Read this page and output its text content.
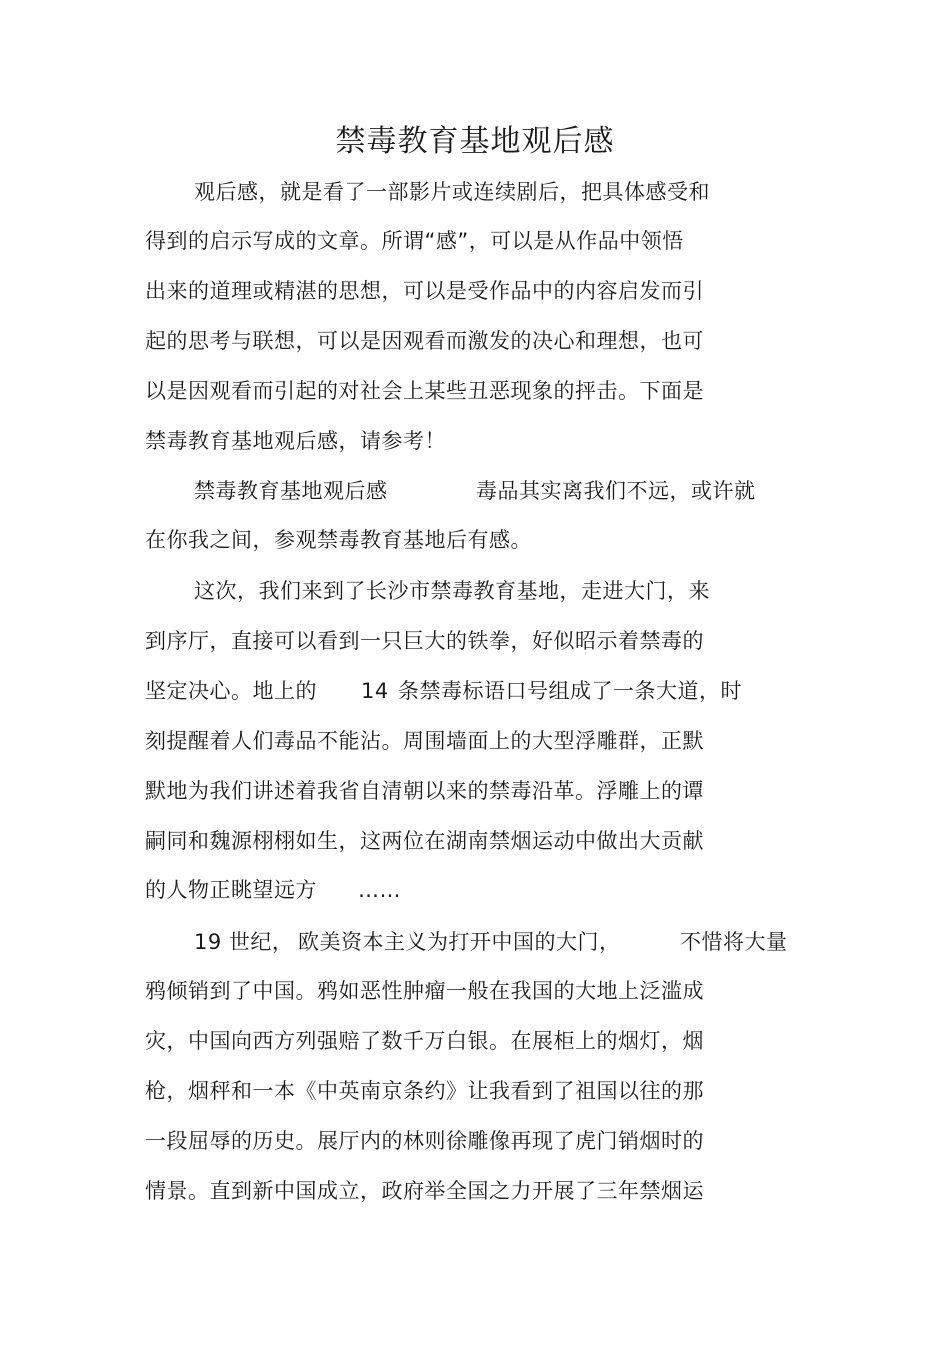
禁毒教育基地观后感
观后感，就是看了一部影片或连续剧后，把具体感受和
得到的启示写成的文章。所谓“感”，可以是从作品中领悟
出来的道理或精湛的思想，可以是受作品中的内容启发而引
起的思考与联想，可以是因观看而激发的决心和理想，也可
以是因观看而引起的对社会上某些丑恶现象的抨击。下面是
禁毒教育基地观后感，请参考！
禁毒教育基地观后感	毒品其实离我们不远，或许就
在你我之间，参观禁毒教育基地后有感。
这次，我们来到了长沙市禁毒教育基地，走进大门，来
到序厅，直接可以看到一只巨大的铁拳，好似昭示着禁毒的
坚定决心。地上的 14 条禁毒标语口号组成了一条大道，时
刻提醒着人们毒品不能沾。周围墙面上的大型浮雕群，正默
默地为我们讲述着我省自清朝以来的禁毒沿革。浮雕上的谭
嗣同和魏源栩栩如生，这两位在湖南禁烟运动中做出大贡献
的人物正眺望远方 ……
19 世纪， 欧美资本主义为打开中国的大门，	不惜将大量
鸦倾销到了中国。鸦如恶性肿瘤一般在我国的大地上泛滥成
灾，中国向西方列强赔了数千万白银。在展柜上的烟灯，烟
枪，烟秤和一本《中英南京条约》让我看到了祖国以往的那
一段屈辱的历史。展厅内的林则徐雕像再现了虎门销烟时的
情景。直到新中国成立，政府举全国之力开展了三年禁烟运
